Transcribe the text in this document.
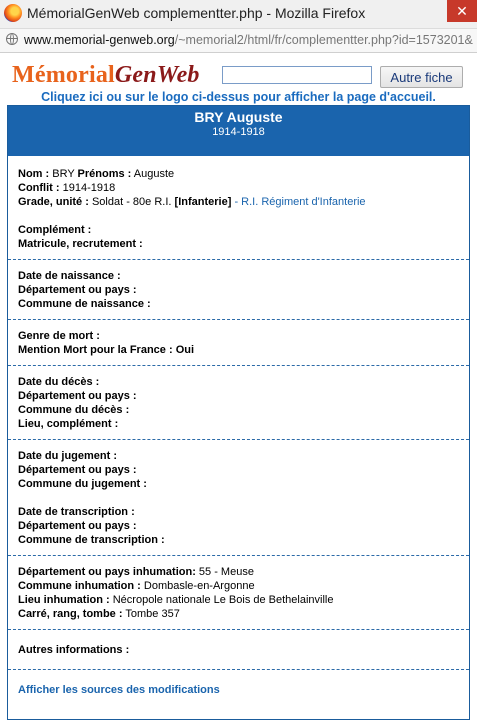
MémorialGenWeb complementter.php - Mozilla Firefox	✕
www.memorial-genweb.org/~memorial2/html/fr/complementter.php?id=1573201&
MémorialGenWeb	Autre fiche
Cliquez ici ou sur le logo ci-dessus pour afficher la page d'accueil.
BRY Auguste
1914-1918
Nom : BRY Prénoms : Auguste
Conflit : 1914-1918
Grade, unité : Soldat - 80e R.I. [Infanterie] - R.I. Régiment d'Infanterie
Complément :
Matricule, recrutement :
Date de naissance :
Département ou pays :
Commune de naissance :
Genre de mort :
Mention Mort pour la France : Oui
Date du décès :
Département ou pays :
Commune du décès :
Lieu, complément :
Date du jugement :
Département ou pays :
Commune du jugement :
Date de transcription :
Département ou pays :
Commune de transcription :
Département ou pays inhumation: 55 - Meuse
Commune inhumation : Dombasle-en-Argonne
Lieu inhumation : Nécropole nationale Le Bois de Bethelainville
Carré, rang, tombe : Tombe 357
Autres informations :
Afficher les sources des modifications
